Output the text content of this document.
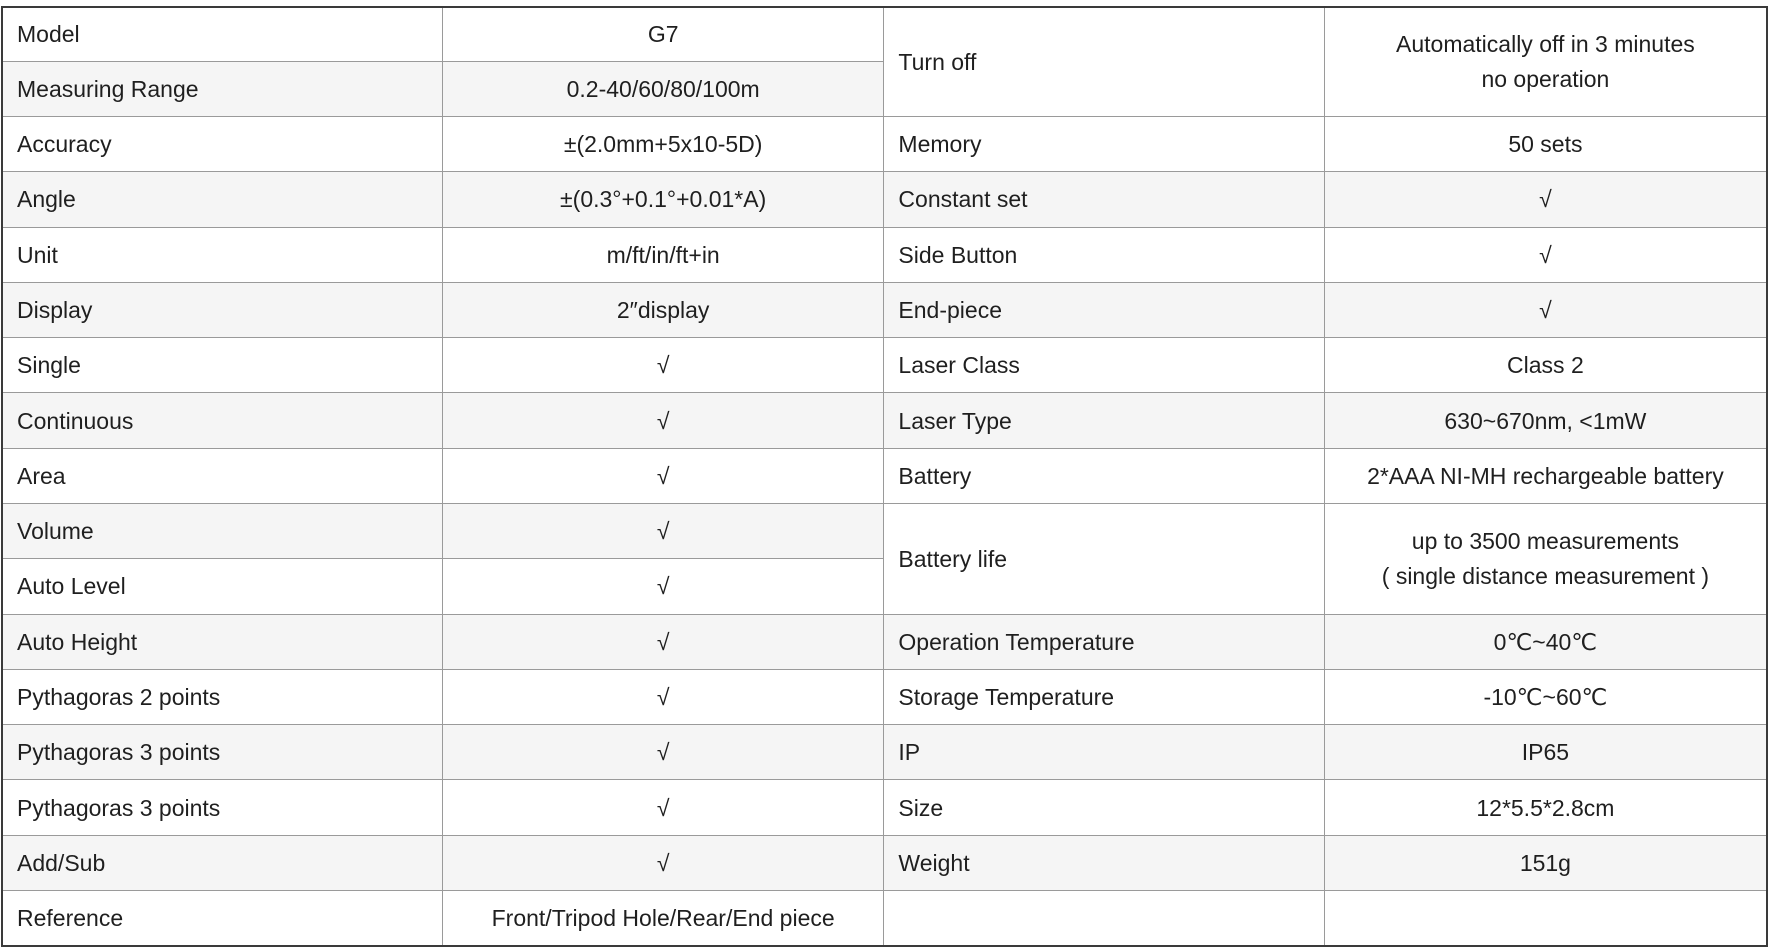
Model	G7	Turn off	Automatically off in 3 minutes
no operation
Measuring Range	0.2-40/60/80/100m		
Accuracy	±(2.0mm+5x10-5D)	Memory	50 sets
Angle	±(0.3°+0.1°+0.01*A)	Constant set	√
Unit	m/ft/in/ft+in	Side Button	√
Display	2″display	End-piece	√
Single	√	Laser Class	Class 2
Continuous	√	Laser Type	630~670nm, <1mW
Area	√	Battery	2*AAA NI-MH rechargeable battery
Volume	√	Battery life	up to 3500 measurements
( single distance measurement )
Auto Level	√		
Auto Height	√	Operation Temperature	0℃~40℃
Pythagoras 2 points	√	Storage Temperature	-10℃~60℃
Pythagoras 3 points	√	IP	IP65
Pythagoras 3 points	√	Size	12*5.5*2.8cm
Add/Sub	√	Weight	151g
Reference	Front/Tripod Hole/Rear/End piece		
